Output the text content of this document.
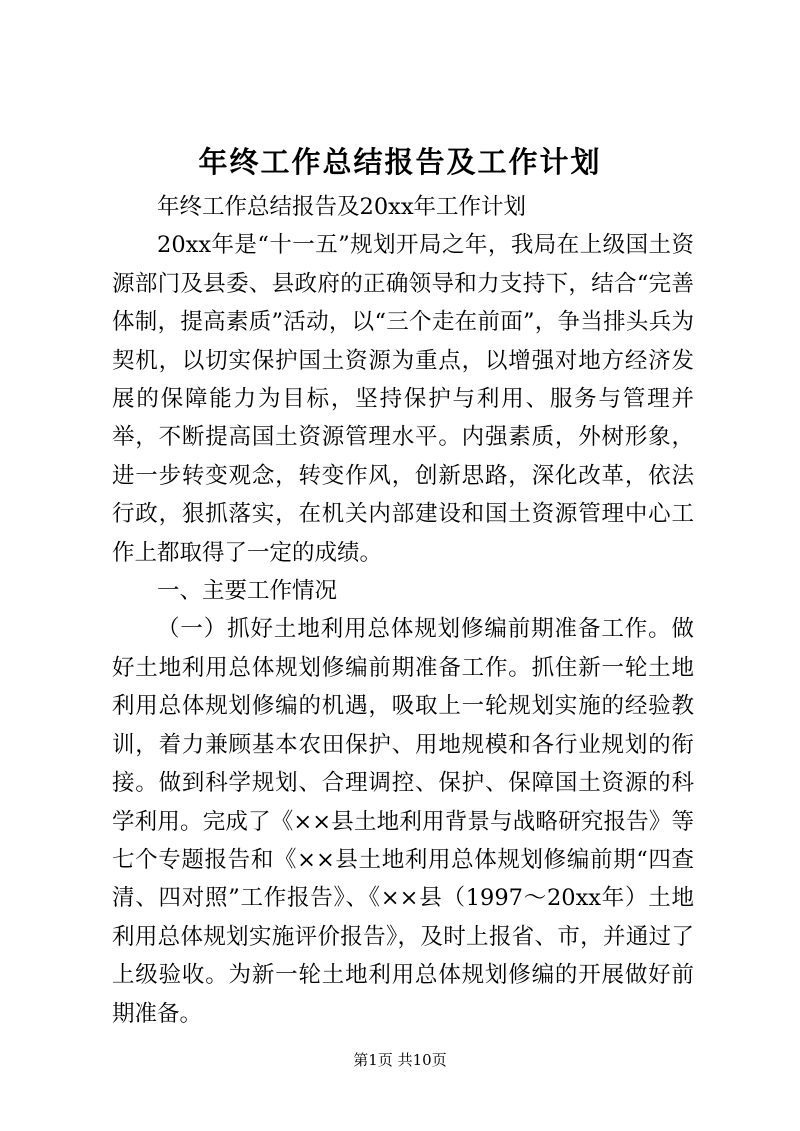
年终工作总结报告及工作计划

年终工作总结报告及20xx年工作计划

20xx年是“十一五”规划开局之年，我局在上级国土资源部门及县委、县政府的正确领导和力支持下，结合“完善体制，提高素质”活动，以“三个走在前面”，争当排头兵为契机，以切实保护国土资源为重点，以增强对地方经济发展的保障能力为目标，坚持保护与利用、服务与管理并举，不断提高国土资源管理水平。内强素质，外树形象，进一步转变观念，转变作风，创新思路，深化改革，依法行政，狠抓落实，在机关内部建设和国土资源管理中心工作上都取得了一定的成绩。

一、主要工作情况

（一）抓好土地利用总体规划修编前期准备工作。做好土地利用总体规划修编前期准备工作。抓住新一轮土地利用总体规划修编的机遇，吸取上一轮规划实施的经验教训，着力兼顾基本农田保护、用地规模和各行业规划的衔接。做到科学规划、合理调控、保护、保障国土资源的科学利用。完成了《××县土地利用背景与战略研究报告》等七个专题报告和《××县土地利用总体规划修编前期“四查清、四对照”工作报告》、《××县（1997～20xx年）土地利用总体规划实施评价报告》，及时上报省、市，并通过了上级验收。为新一轮土地利用总体规划修编的开展做好前期准备。

第1页 共10页
